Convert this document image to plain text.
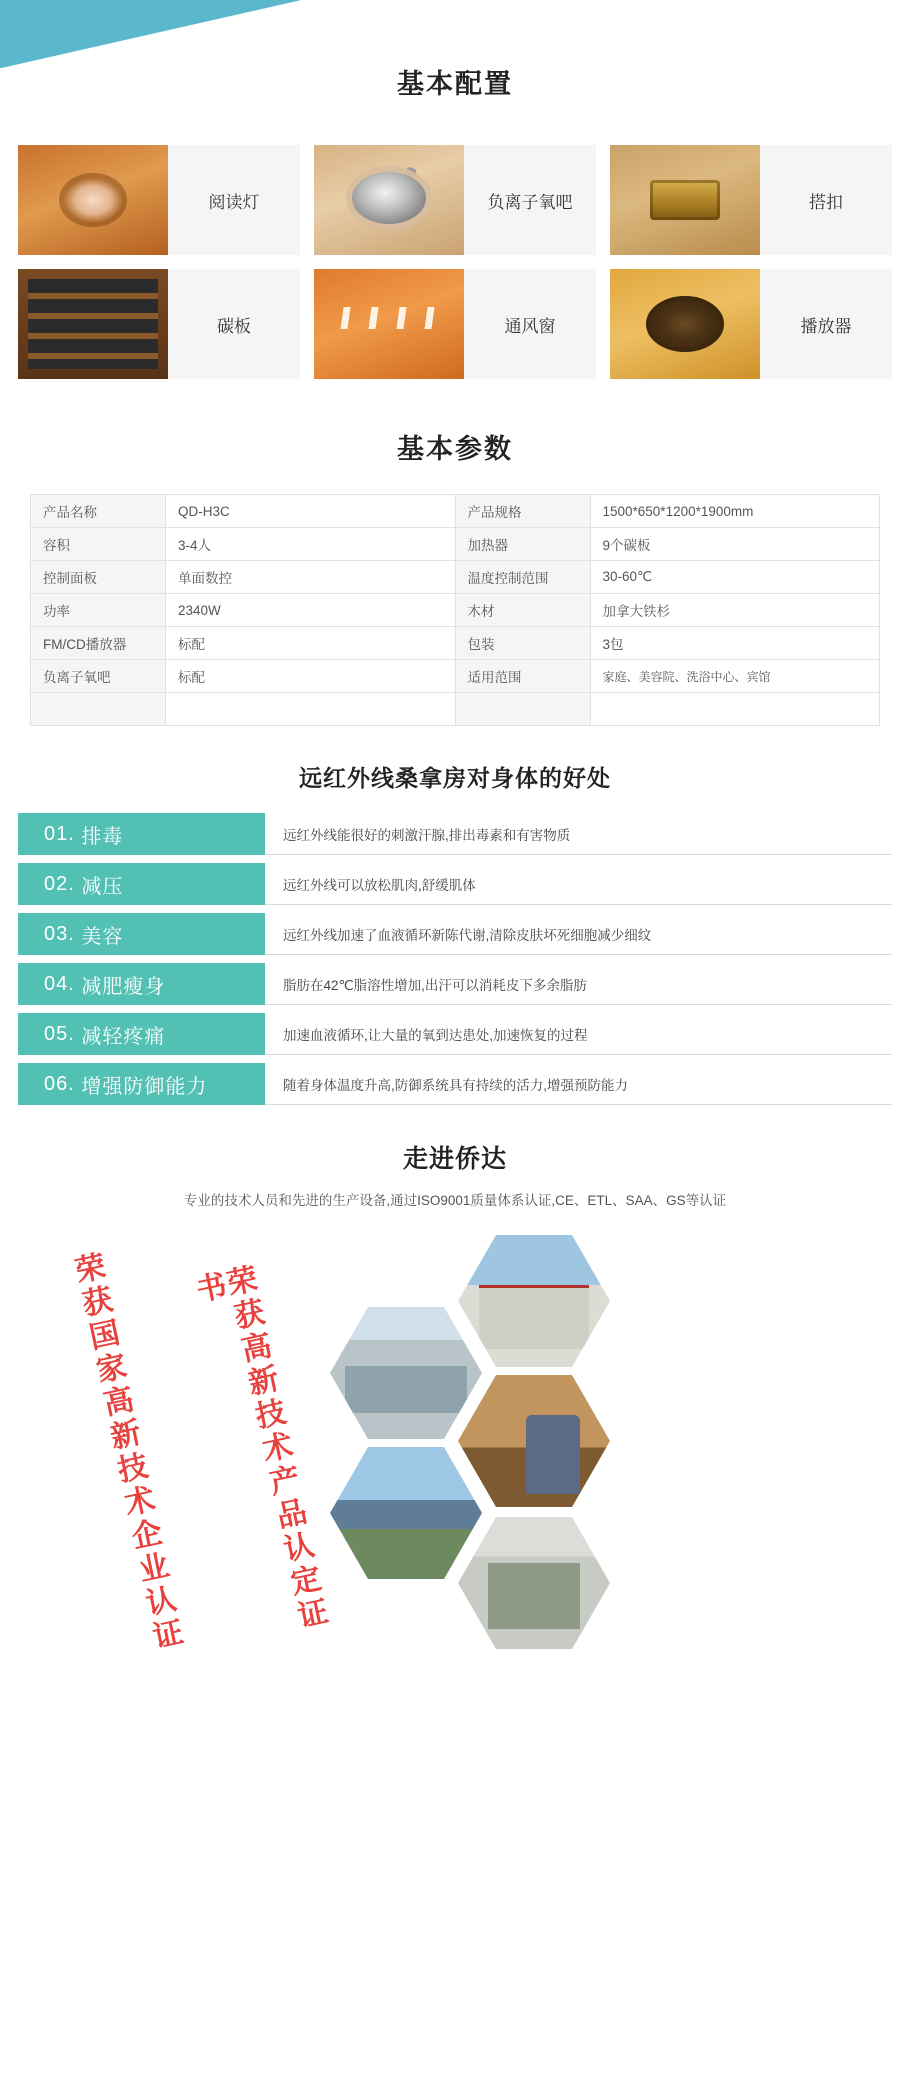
基本配置
阅读灯	负离子氧吧	搭扣
碳板	通风窗	播放器
基本参数
产品名称	QD-H3C	产品规格	1500*650*1200*1900mm
容积	3-4人	加热器	9个碳板
控制面板	单面数控	温度控制范围	30-60℃
功率	2340W	木材	加拿大铁杉
FM/CD播放器	标配	包装	3包
负离子氧吧	标配	适用范围	家庭、美容院、洗浴中心、宾馆

远红外线桑拿房对身体的好处
01.
排毒	远红外线能很好的刺激汗腺,排出毒素和有害物质
02.
减压	远红外线可以放松肌肉,舒缓肌体
03.
美容	远红外线加速了血液循环新陈代谢,清除皮肤坏死细胞减少细纹
04.
减肥瘦身	脂肪在42℃脂溶性增加,出汗可以消耗皮下多余脂肪
05.
减轻疼痛	加速血液循环,让大量的氧到达患处,加速恢复的过程
06.
增强防御能力	随着身体温度升高,防御系统具有持续的活力,增强预防能力
走进侨达
专业的技术人员和先进的生产设备,通过ISO9001质量体系认证,CE、ETL、SAA、GS等认证
荣获国家高新技术企业认证	荣获高新技术产品认定证书
